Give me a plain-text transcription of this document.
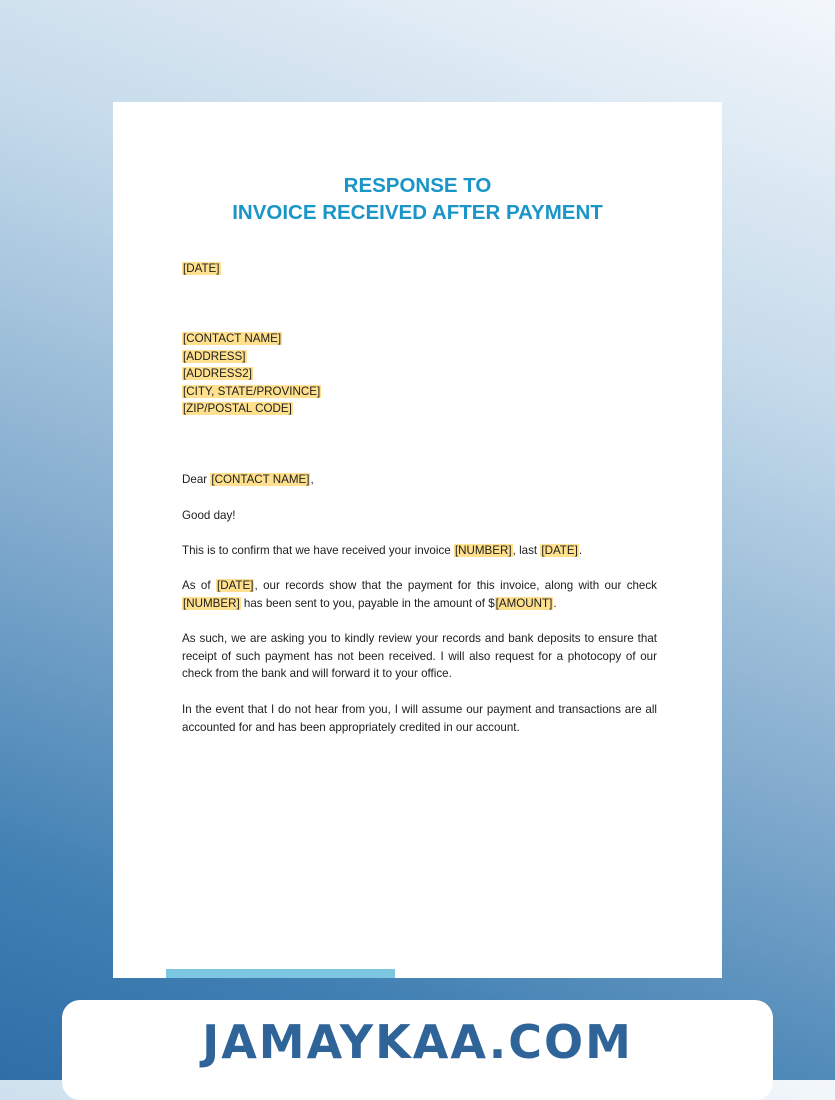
RESPONSE TO
INVOICE RECEIVED AFTER PAYMENT
[DATE]
[CONTACT NAME]
[ADDRESS]
[ADDRESS2]
[CITY, STATE/PROVINCE]
[ZIP/POSTAL CODE]
Dear [CONTACT NAME],
Good day!
This is to confirm that we have received your invoice [NUMBER], last [DATE].
As of [DATE], our records show that the payment for this invoice, along with our check [NUMBER] has been sent to you, payable in the amount of $[AMOUNT].
As such, we are asking you to kindly review your records and bank deposits to ensure that receipt of such payment has not been received. I will also request for a photocopy of our check from the bank and will forward it to your office.
In the event that I do not hear from you, I will assume our payment and transactions are all accounted for and has been appropriately credited in our account.
JAMAYKAA.COM
